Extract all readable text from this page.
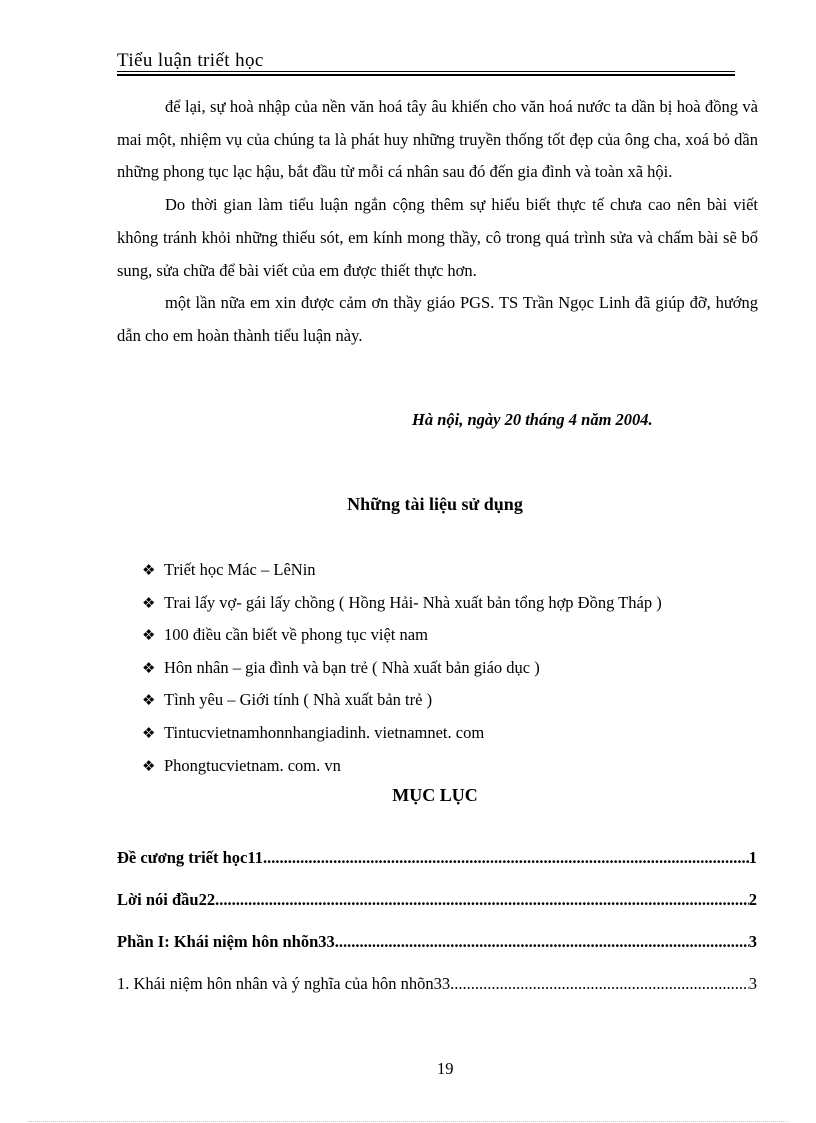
Tiểu luận triết học

để lại, sự hoà nhập của nền văn hoá tây âu khiến cho văn hoá nước ta dần bị hoà đồng và mai một, nhiệm vụ của chúng ta là phát huy những truyền thống tốt đẹp của ông cha, xoá bỏ dần những phong tục lạc hậu, bắt đầu từ mỗi cá nhân sau đó đến gia đình và toàn xã hội.

Do thời gian làm tiểu luận ngắn cộng thêm sự hiểu biết thực tế chưa cao nên bài viết không tránh khỏi những thiếu sót, em kính mong thầy, cô trong quá trình sửa và chấm bài sẽ bổ sung, sửa chữa để bài viết của em được thiết thực hơn.

một lần nữa em xin được cảm ơn thầy giáo PGS. TS Trần Ngọc Linh đã giúp đỡ, hướng dẫn cho em hoàn thành tiểu luận này.

Hà nội, ngày 20 tháng 4 năm 2004.
Những tài liệu sử dụng
❖ Triết học Mác – LêNin
❖ Trai lấy vợ- gái lấy chồng ( Hồng Hải- Nhà xuất bản tổng hợp Đồng Tháp )
❖ 100 điều cần biết về phong tục việt nam
❖ Hôn nhân – gia đình và bạn trẻ ( Nhà xuất bản giáo dục )
❖ Tình yêu – Giới tính ( Nhà xuất bản trẻ )
❖ Tintucvietnamhonnhangiadinh. vietnamnet. com
❖ Phongtucvietnam. com. vn
MỤC LỤC
Đề cương triết học11 .....	1
Lời nói đầu22 .....	2
Phần I: Khái niệm hôn nhõn33 .....	3
1. Khái niệm hôn nhân và ý nghĩa của hôn nhõn33 .....	3
19
